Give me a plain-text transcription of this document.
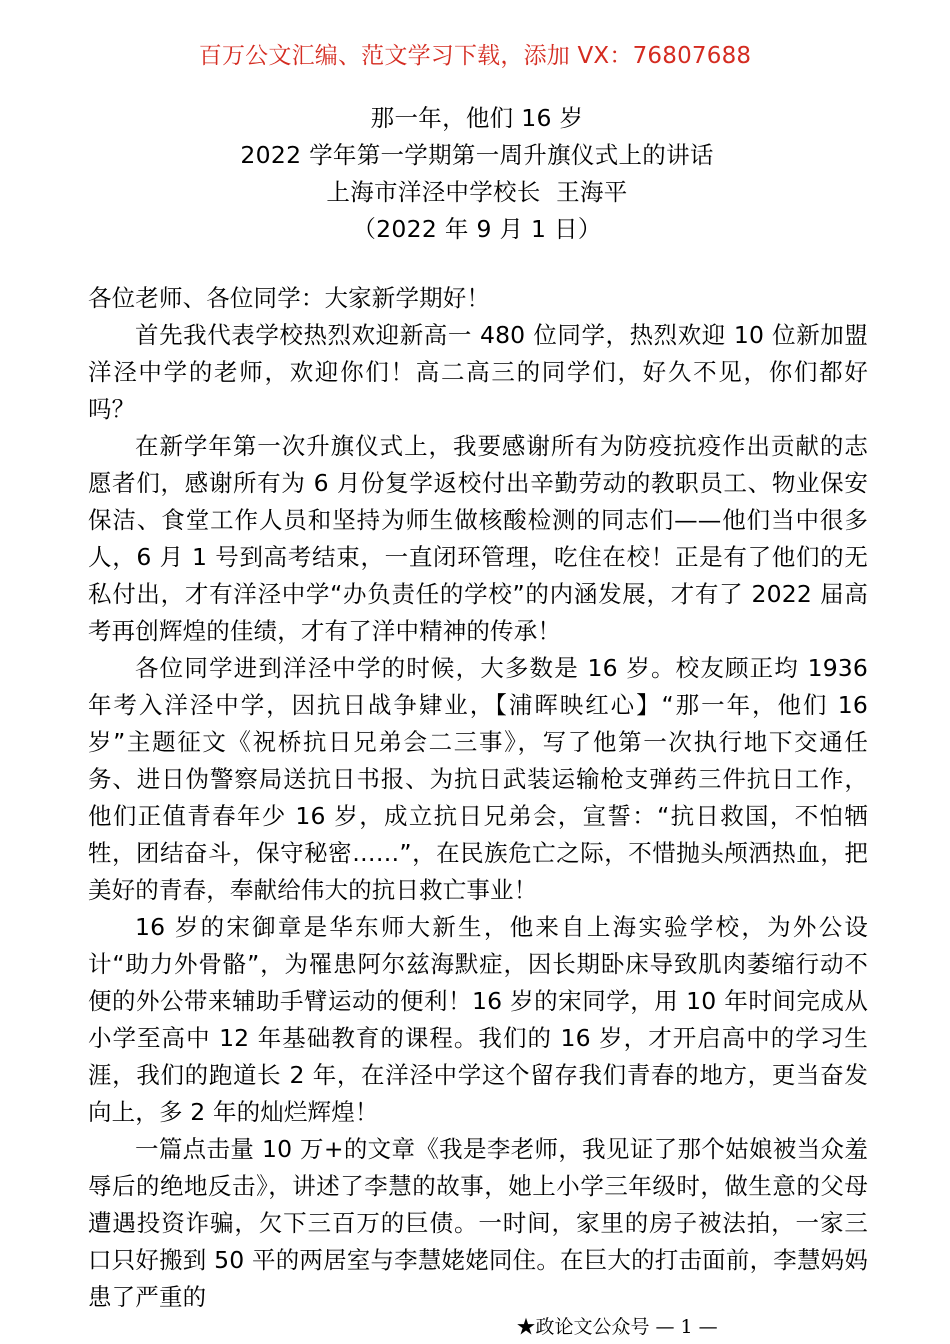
百万公文汇编、范文学习下载，添加 VX：76807688
那一年，他们 16 岁
2022 学年第一学期第一周升旗仪式上的讲话
上海市洋泾中学校长  王海平
（2022 年 9 月 1 日）

各位老师、各位同学：大家新学期好！

首先我代表学校热烈欢迎新高一 480 位同学，热烈欢迎 10 位新加盟洋泾中学的老师，欢迎你们！高二高三的同学们，好久不见，你们都好吗？

在新学年第一次升旗仪式上，我要感谢所有为防疫抗疫作出贡献的志愿者们，感谢所有为 6 月份复学返校付出辛勤劳动的教职员工、物业保安保洁、食堂工作人员和坚持为师生做核酸检测的同志们——他们当中很多人，6 月 1 号到高考结束，一直闭环管理，吃住在校！正是有了他们的无私付出，才有洋泾中学“办负责任的学校”的内涵发展，才有了 2022 届高考再创辉煌的佳绩，才有了洋中精神的传承！

各位同学进到洋泾中学的时候，大多数是 16 岁。校友顾正均 1936 年考入洋泾中学，因抗日战争肄业，【浦晖映红心】“那一年，他们 16 岁”主题征文《祝桥抗日兄弟会二三事》，写了他第一次执行地下交通任务、进日伪警察局送抗日书报、为抗日武装运输枪支弹药三件抗日工作，他们正值青春年少 16 岁，成立抗日兄弟会，宣誓：“抗日救国，不怕牺牲，团结奋斗，保守秘密……”，在民族危亡之际，不惜抛头颅洒热血，把美好的青春，奉献给伟大的抗日救亡事业！

16 岁的宋御章是华东师大新生，他来自上海实验学校，为外公设计“助力外骨骼”，为罹患阿尔兹海默症，因长期卧床导致肌肉萎缩行动不便的外公带来辅助手臂运动的便利！16 岁的宋同学，用 10 年时间完成从小学至高中 12 年基础教育的课程。我们的 16 岁，才开启高中的学习生涯，我们的跑道长 2 年，在洋泾中学这个留存我们青春的地方，更当奋发向上，多 2 年的灿烂辉煌！

一篇点击量 10 万+的文章《我是李老师，我见证了那个姑娘被当众羞辱后的绝地反击》，讲述了李慧的故事，她上小学三年级时，做生意的父母遭遇投资诈骗，欠下三百万的巨债。一时间，家里的房子被法拍，一家三口只好搬到 50 平的两居室与李慧姥姥同住。在巨大的打击面前，李慧妈妈患了严重的

★政论文公众号 — 1 —
